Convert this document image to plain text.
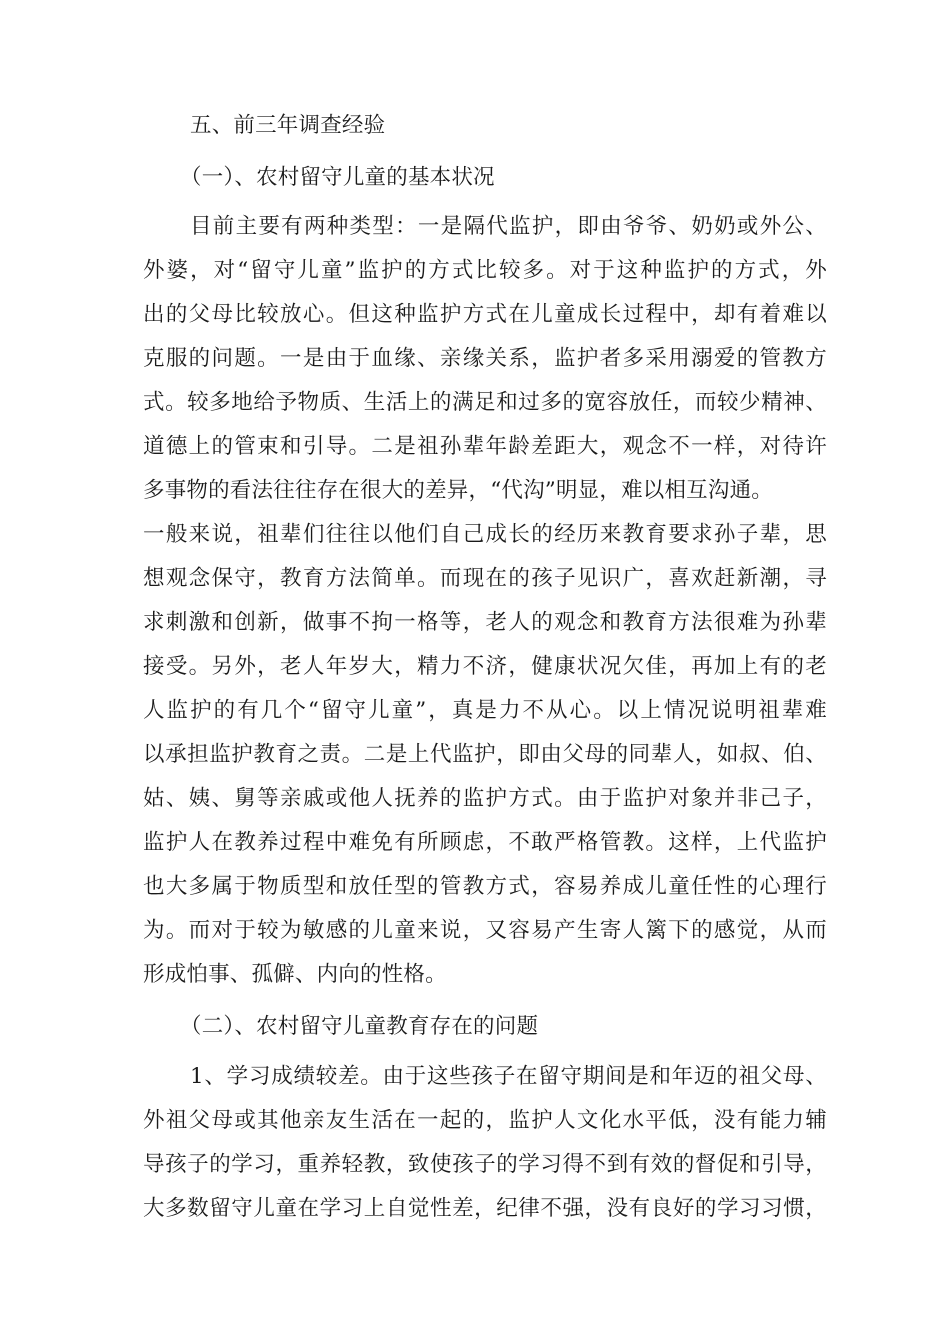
五、前三年调查经验
（一）、农村留守儿童的基本状况
目前主要有两种类型：一是隔代监护，即由爷爷、奶奶或外公、
外婆，对“留守儿童”监护的方式比较多。对于这种监护的方式，外
出的父母比较放心。但这种监护方式在儿童成长过程中，却有着难以
克服的问题。一是由于血缘、亲缘关系，监护者多采用溺爱的管教方
式。较多地给予物质、生活上的满足和过多的宽容放任，而较少精神、
道德上的管束和引导。二是祖孙辈年龄差距大，观念不一样，对待许
多事物的看法往往存在很大的差异，“代沟”明显，难以相互沟通。
一般来说，祖辈们往往以他们自己成长的经历来教育要求孙子辈，思
想观念保守，教育方法简单。而现在的孩子见识广，喜欢赶新潮，寻
求刺激和创新，做事不拘一格等，老人的观念和教育方法很难为孙辈
接受。另外，老人年岁大，精力不济，健康状况欠佳，再加上有的老
人监护的有几个“留守儿童”，真是力不从心。以上情况说明祖辈难
以承担监护教育之责。二是上代监护，即由父母的同辈人，如叔、伯、
姑、姨、舅等亲戚或他人抚养的监护方式。由于监护对象并非己子，
监护人在教养过程中难免有所顾虑，不敢严格管教。这样，上代监护
也大多属于物质型和放任型的管教方式，容易养成儿童任性的心理行
为。而对于较为敏感的儿童来说，又容易产生寄人篱下的感觉，从而
形成怕事、孤僻、内向的性格。
（二）、农村留守儿童教育存在的问题
1、学习成绩较差。由于这些孩子在留守期间是和年迈的祖父母、
外祖父母或其他亲友生活在一起的，监护人文化水平低，没有能力辅
导孩子的学习，重养轻教，致使孩子的学习得不到有效的督促和引导，
大多数留守儿童在学习上自觉性差，纪律不强，没有良好的学习习惯，
